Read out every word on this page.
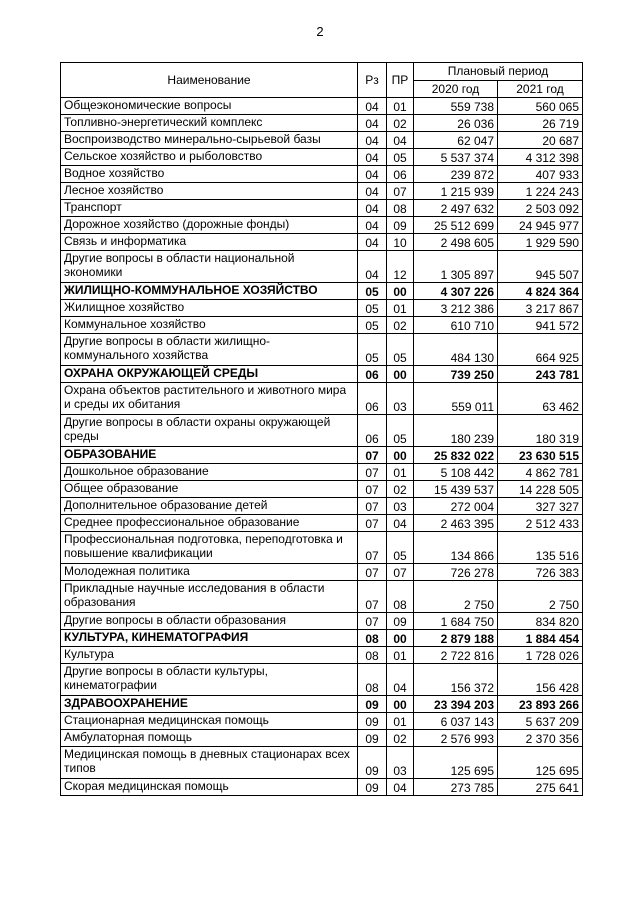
2
Наименование	Рз	ПР	Плановый период	
			2020 год	2021 год
Общеэкономические вопросы	04	01	559 738	560 065
Топливно-энергетический комплекс	04	02	26 036	26 719
Воспроизводство минерально-сырьевой базы	04	04	62 047	20 687
Сельское хозяйство и рыболовство	04	05	5 537 374	4 312 398
Водное хозяйство	04	06	239 872	407 933
Лесное хозяйство	04	07	1 215 939	1 224 243
Транспорт	04	08	2 497 632	2 503 092
Дорожное хозяйство (дорожные фонды)	04	09	25 512 699	24 945 977
Связь и информатика	04	10	2 498 605	1 929 590
Другие вопросы в области национальной экономики	04	12	1 305 897	945 507
ЖИЛИЩНО-КОММУНАЛЬНОЕ ХОЗЯЙСТВО	05	00	4 307 226	4 824 364
Жилищное хозяйство	05	01	3 212 386	3 217 867
Коммунальное хозяйство	05	02	610 710	941 572
Другие вопросы в области жилищно-коммунального хозяйства	05	05	484 130	664 925
ОХРАНА ОКРУЖАЮЩЕЙ СРЕДЫ	06	00	739 250	243 781
Охрана объектов растительного и животного мира и среды их обитания	06	03	559 011	63 462
Другие вопросы в области охраны окружающей среды	06	05	180 239	180 319
ОБРАЗОВАНИЕ	07	00	25 832 022	23 630 515
Дошкольное образование	07	01	5 108 442	4 862 781
Общее образование	07	02	15 439 537	14 228 505
Дополнительное образование детей	07	03	272 004	327 327
Среднее профессиональное образование	07	04	2 463 395	2 512 433
Профессиональная подготовка, переподготовка и повышение квалификации	07	05	134 866	135 516
Молодежная политика	07	07	726 278	726 383
Прикладные научные исследования в области образования	07	08	2 750	2 750
Другие вопросы в области образования	07	09	1 684 750	834 820
КУЛЬТУРА, КИНЕМАТОГРАФИЯ	08	00	2 879 188	1 884 454
Культура	08	01	2 722 816	1 728 026
Другие вопросы в области культуры, кинематографии	08	04	156 372	156 428
ЗДРАВООХРАНЕНИЕ	09	00	23 394 203	23 893 266
Стационарная медицинская помощь	09	01	6 037 143	5 637 209
Амбулаторная помощь	09	02	2 576 993	2 370 356
Медицинская помощь в дневных стационарах всех типов	09	03	125 695	125 695
Скорая медицинская помощь	09	04	273 785	275 641
